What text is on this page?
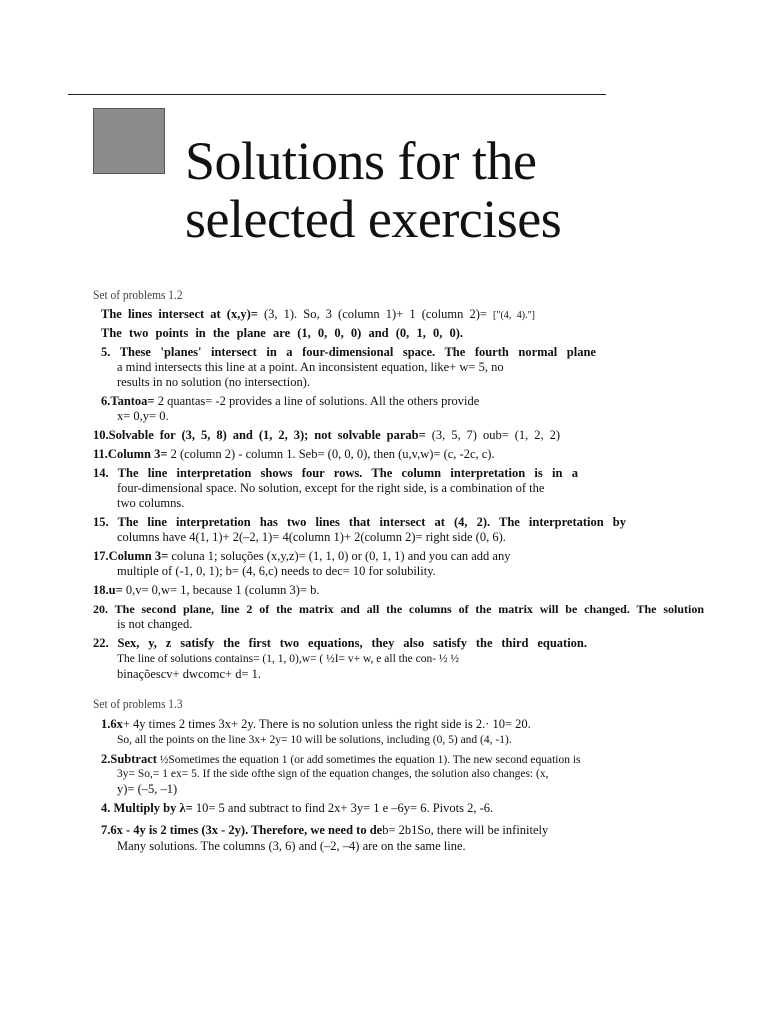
Solutions for the
selected exercises
Set of problems 1.2
The lines intersect at (x,y)= (3, 1). So, 3 (column 1)+ 1 (column 2)= ["(4, 4)."]
The two points in the plane are (1, 0, 0, 0) and (0, 1, 0, 0).
5. These 'planes' intersect in a four-dimensional space. The fourth normal plane
a mind intersects this line at a point. An inconsistent equation, like+ w= 5, no
results in no solution (no intersection).
6.Tantoa= 2 quantas= -2 provides a line of solutions. All the others provide
x= 0,y= 0.
10.Solvable for (3, 5, 8) and (1, 2, 3); not solvable parab= (3, 5, 7) oub= (1, 2, 2)
11.Column 3= 2 (column 2) - column 1. Seb= (0, 0, 0), then (u,v,w)= (c, -2c, c).
14. The line interpretation shows four rows. The column interpretation is in a
four-dimensional space. No solution, except for the right side, is a combination of the
two columns.
15. The line interpretation has two lines that intersect at (4, 2). The interpretation by
columns have 4(1, 1)+ 2(–2, 1)= 4(column 1)+ 2(column 2)= right side (0, 6).
17.Column 3= coluna 1; soluções (x,y,z)= (1, 1, 0) or (0, 1, 1) and you can add any
multiple of (-1, 0, 1); b= (4, 6,c) needs to dec= 10 for solubility.
18.u= 0,v= 0,w= 1, because 1 (column 3)= b.
20. The second plane, line 2 of the matrix and all the columns of the matrix will be changed. The solution
is not changed.
22. Sex, y, z satisfy the first two equations, they also satisfy the third equation.
The line of solutions contains= (1, 1, 0),w= ( ½I= v+ w, e all the con- ½ ½
binaçõescv+ dwcomc+ d= 1.
Set of problems 1.3
1.6x+ 4y times 2 times 3x+ 2y. There is no solution unless the right side is 2.· 10= 20.
So, all the points on the line 3x+ 2y= 10 will be solutions, including (0, 5) and (4, -1).
2.Subtract ½Sometimes the equation 1 (or add sometimes the equation 1). The new second equation is
3y= So,= 1 ex= 5. If the side ofthe sign of the equation changes, the solution also changes: (x,
y)= (–5, –1)
4. Multiply by λ= 10= 5 and subtract to find 2x+ 3y= 1 e –6y= 6. Pivots 2, -6.
7.6x - 4y is 2 times (3x - 2y). Therefore, we need to deb= 2b1So, there will be infinitely
Many solutions. The columns (3, 6) and (–2, –4) are on the same line.
